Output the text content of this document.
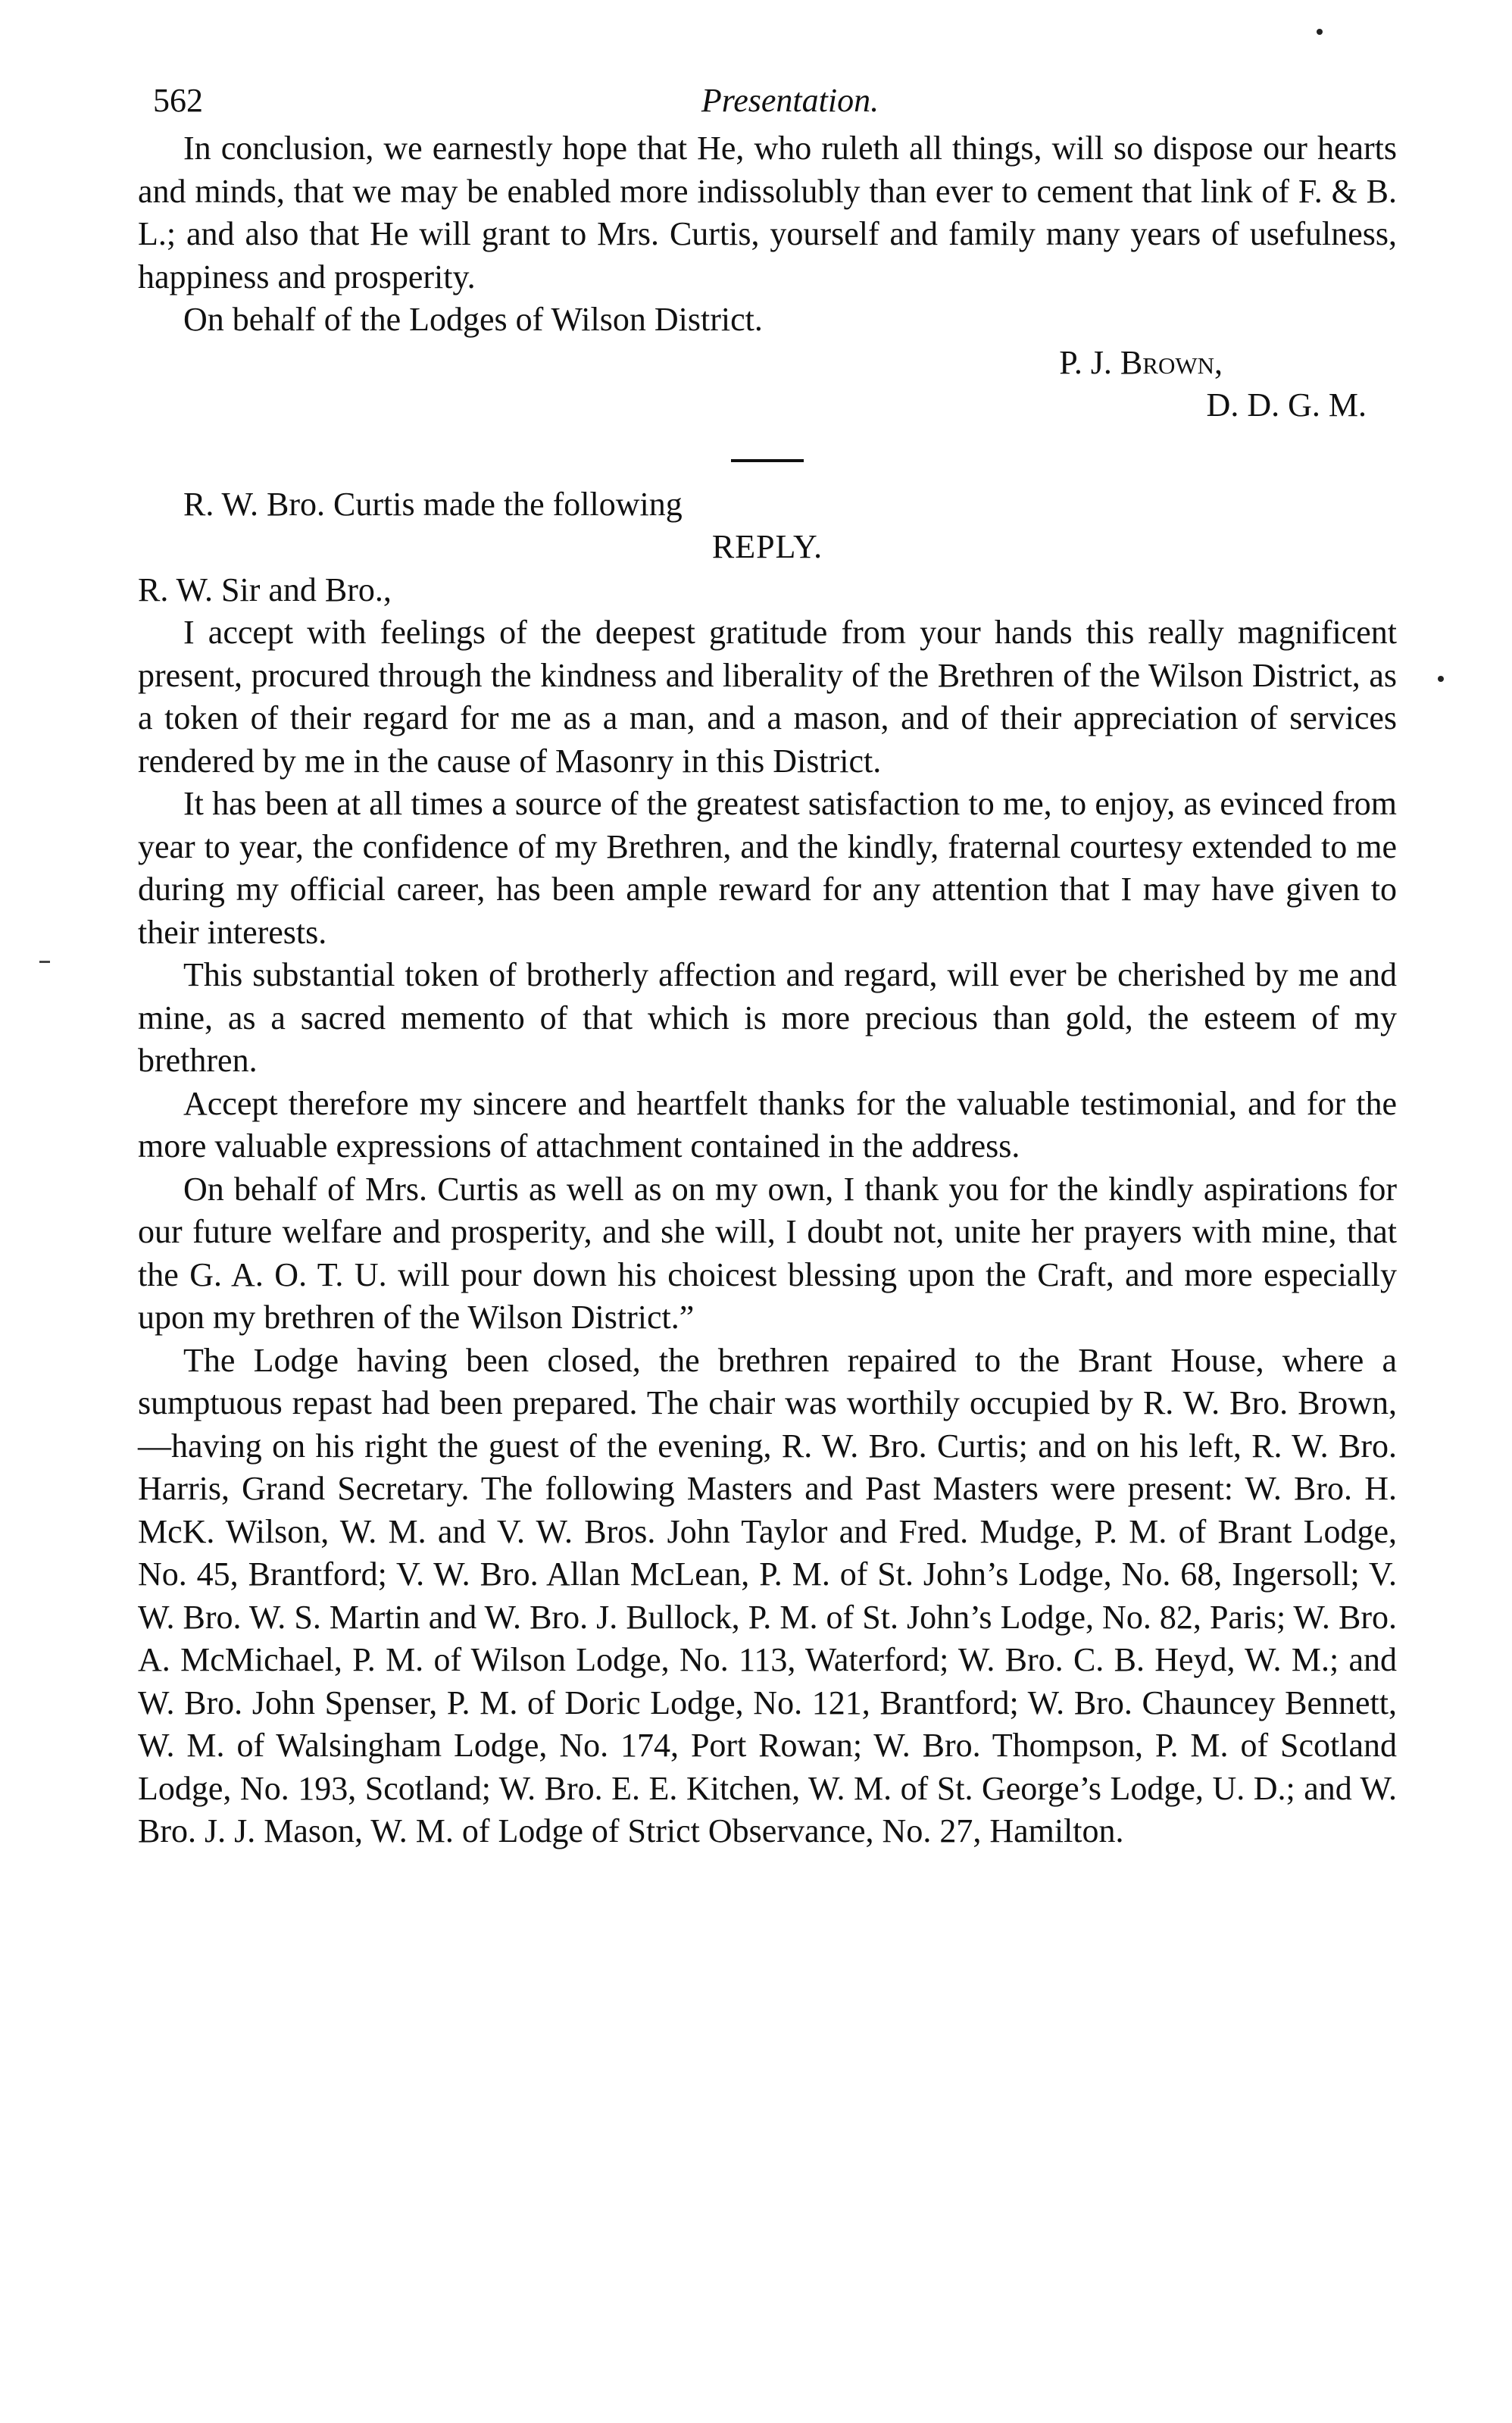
562	Presentation.

In conclusion, we earnestly hope that He, who ruleth all things, will so dispose our hearts and minds, that we may be enabled more indissolubly than ever to cement that link of F. & B. L.; and also that He will grant to Mrs. Curtis, yourself and family many years of usefulness, happiness and prosperity.

On behalf of the Lodges of Wilson District.

P. J. Brown,
D. D. G. M.

R. W. Bro. Curtis made the following

REPLY.

R. W. Sir and Bro.,

I accept with feelings of the deepest gratitude from your hands this really magnificent present, procured through the kindness and liberality of the Brethren of the Wilson District, as a token of their regard for me as a man, and a mason, and of their appreciation of services rendered by me in the cause of Masonry in this District.

It has been at all times a source of the greatest satisfaction to me, to enjoy, as evinced from year to year, the confidence of my Brethren, and the kindly, fraternal courtesy extended to me during my official career, has been ample reward for any attention that I may have given to their interests.

This substantial token of brotherly affection and regard, will ever be cherished by me and mine, as a sacred memento of that which is more precious than gold, the esteem of my brethren.

Accept therefore my sincere and heartfelt thanks for the valuable testimonial, and for the more valuable expressions of attachment contained in the address.

On behalf of Mrs. Curtis as well as on my own, I thank you for the kindly aspirations for our future welfare and prosperity, and she will, I doubt not, unite her prayers with mine, that the G. A. O. T. U. will pour down his choicest blessing upon the Craft, and more especially upon my brethren of the Wilson District.”

The Lodge having been closed, the brethren repaired to the Brant House, where a sumptuous repast had been prepared. The chair was worthily occupied by R. W. Bro. Brown,—having on his right the guest of the evening, R. W. Bro. Curtis; and on his left, R. W. Bro. Harris, Grand Secretary. The following Masters and Past Masters were present: W. Bro. H. McK. Wilson, W. M. and V. W. Bros. John Taylor and Fred. Mudge, P. M. of Brant Lodge, No. 45, Brantford; V. W. Bro. Allan McLean, P. M. of St. John’s Lodge, No. 68, Ingersoll; V. W. Bro. W. S. Martin and W. Bro. J. Bullock, P. M. of St. John’s Lodge, No. 82, Paris; W. Bro. A. McMichael, P. M. of Wilson Lodge, No. 113, Waterford; W. Bro. C. B. Heyd, W. M.; and W. Bro. John Spenser, P. M. of Doric Lodge, No. 121, Brantford; W. Bro. Chauncey Bennett, W. M. of Walsingham Lodge, No. 174, Port Rowan; W. Bro. Thompson, P. M. of Scotland Lodge, No. 193, Scotland; W. Bro. E. E. Kitchen, W. M. of St. George’s Lodge, U. D.; and W. Bro. J. J. Mason, W. M. of Lodge of Strict Observance, No. 27, Hamilton.
